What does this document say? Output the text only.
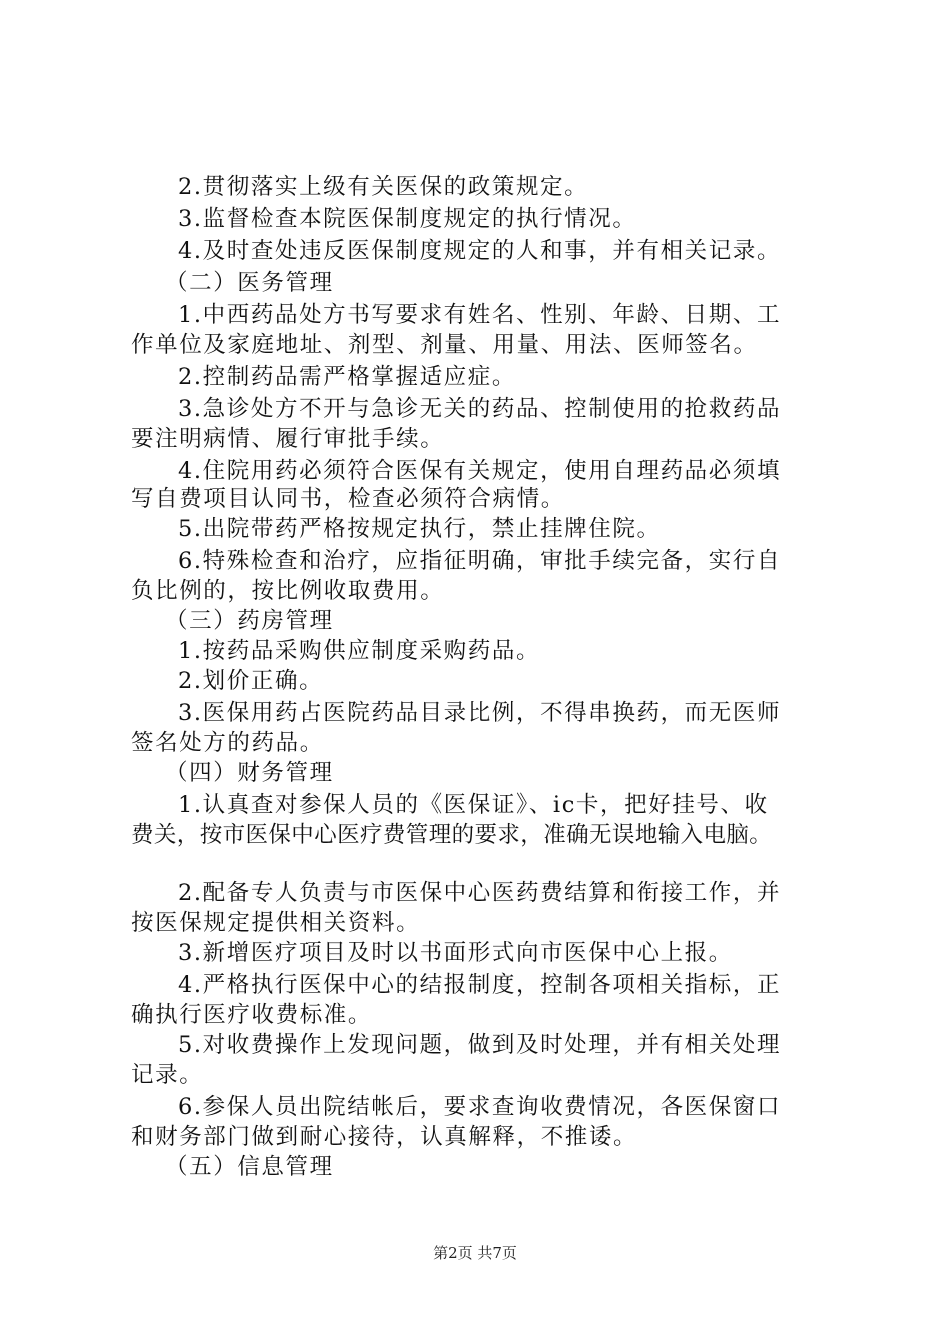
2.贯彻落实上级有关医保的政策规定。
3.监督检查本院医保制度规定的执行情况。
4.及时查处违反医保制度规定的人和事，并有相关记录。
（二）医务管理
1.中西药品处方书写要求有姓名、性别、年龄、日期、工
作单位及家庭地址、剂型、剂量、用量、用法、医师签名。
2.控制药品需严格掌握适应症。
3.急诊处方不开与急诊无关的药品、控制使用的抢救药品
要注明病情、履行审批手续。
4.住院用药必须符合医保有关规定，使用自理药品必须填
写自费项目认同书，检查必须符合病情。
5.出院带药严格按规定执行，禁止挂牌住院。
6.特殊检查和治疗，应指征明确，审批手续完备，实行自
负比例的，按比例收取费用。
（三）药房管理
1.按药品采购供应制度采购药品。
2.划价正确。
3.医保用药占医院药品目录比例，不得串换药，而无医师
签名处方的药品。
（四）财务管理
1.认真查对参保人员的《医保证》、ic卡，把好挂号、收
费关，按市医保中心医疗费管理的要求，准确无误地输入电脑。
2.配备专人负责与市医保中心医药费结算和衔接工作，并
按医保规定提供相关资料。
3.新增医疗项目及时以书面形式向市医保中心上报。
4.严格执行医保中心的结报制度，控制各项相关指标，正
确执行医疗收费标准。
5.对收费操作上发现问题，做到及时处理，并有相关处理
记录。
6.参保人员出院结帐后，要求查询收费情况，各医保窗口
和财务部门做到耐心接待，认真解释，不推诿。
（五）信息管理
第2页 共7页
